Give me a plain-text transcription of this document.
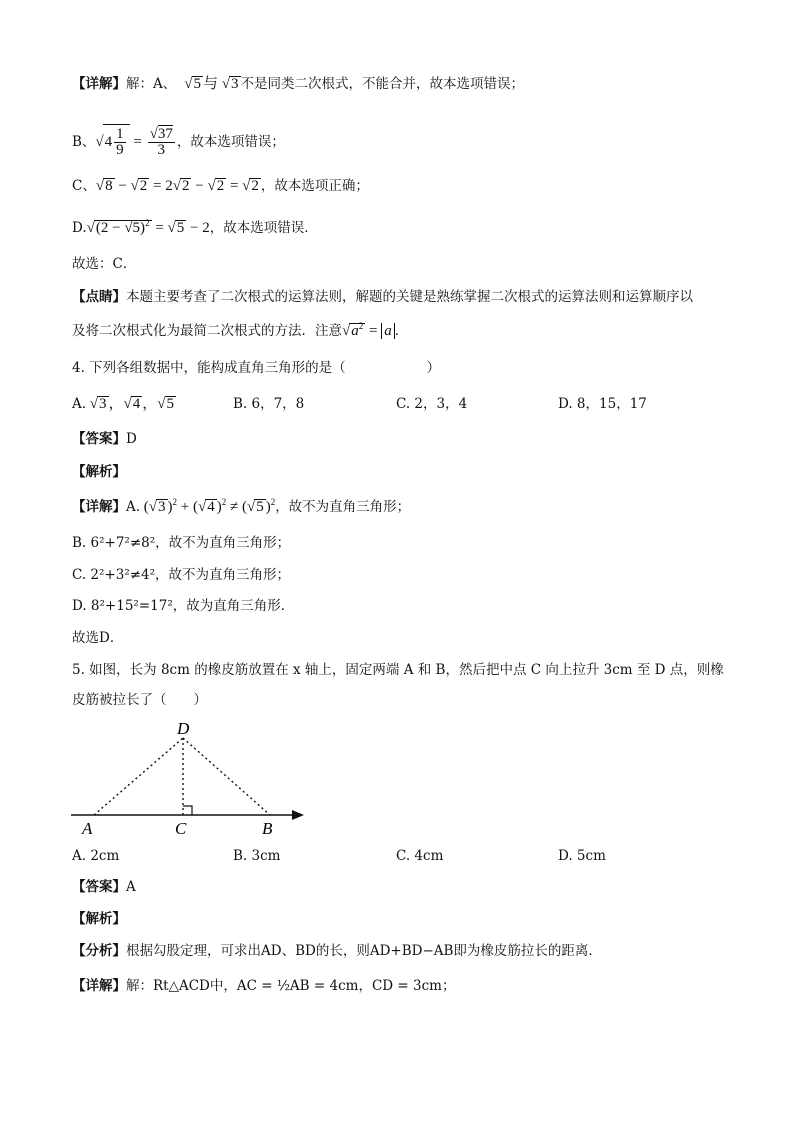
【详解】解：A、  √5 与 √3 不是同类二次根式，不能合并，故本选项错误；
B、$√4 \frac{1}{9} = \frac{√37}{3}$ ，故本选项错误；
C、√8 − √2 = 2√2 − √2 = √2 ，故本选项正确；
$D.√(2 - √5)^2 = √5 - 2$，故本选项错误．
故选：C．
【点睛】本题主要考查了二次根式的运算法则，解题的关键是熟练掌握二次根式的运算法则和运算顺序以
及将二次根式化为最简二次根式的方法．注意$√a^2 = a$ ．
4. 下列各组数据中，能构成直角三角形的是（　　　　　　）
A. √3 ，√4 ，√5	B. 6，7，8	C. 2，3，4	D. 8，15，17
【答案】D
【解析】
【详解】A. (√3 )$^2$ + (√4 )$^2$ ≠ (√5 )$^2$，故不为直角三角形；
B. 6²+7²≠8²，故不为直角三角形；
C. 2²+3²≠4²，故不为直角三角形；
D. 8²+15²=17²，故为直角三角形．
故选D．
5. 如图，长为 8cm 的橡皮筋放置在 x 轴上，固定两端 A 和 B，然后把中点 C 向上拉升 3cm 至 D 点，则橡
皮筋被拉长了（　　）
D
A	C	B
A. 2cm	B. 3cm	C. 4cm	D. 5cm
【答案】A
【解析】
【分析】根据勾股定理，可求出AD、BD的长，则AD+BD−AB即为橡皮筋拉长的距离．
【详解】解：Rt△ACD中，AC = ½AB = 4cm，CD = 3cm；
